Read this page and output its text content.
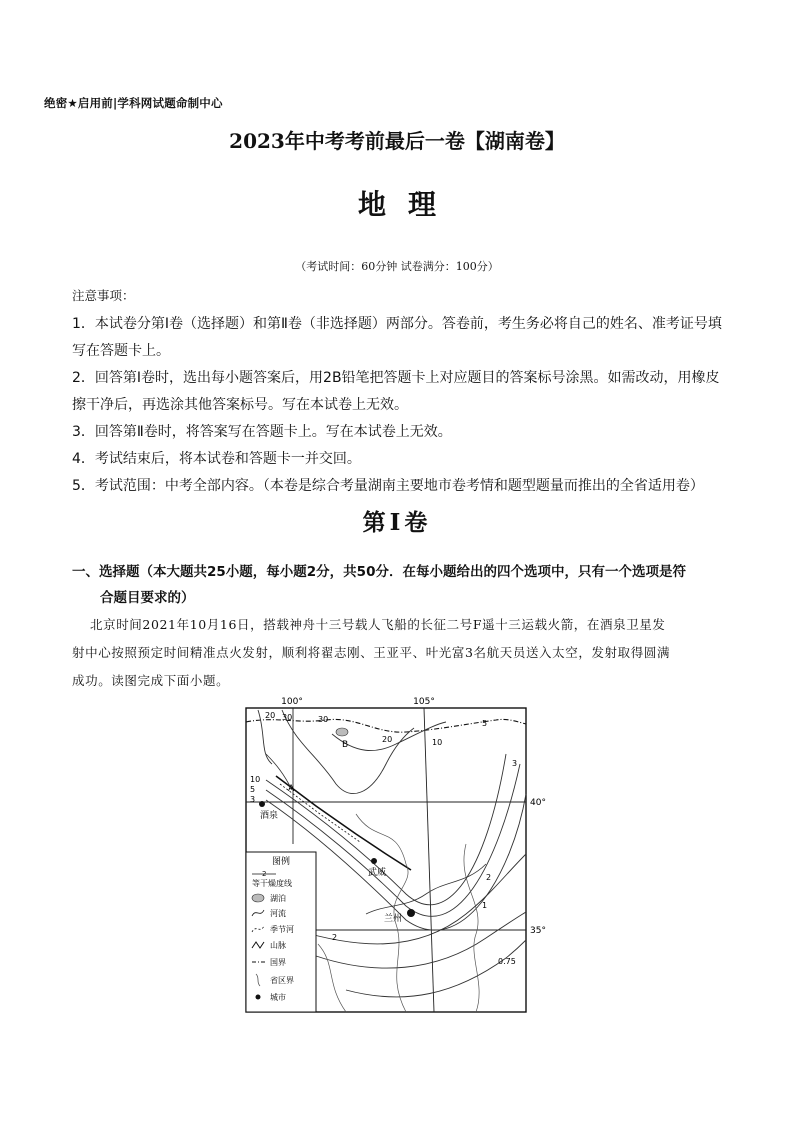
绝密★启用前|学科网试题命制中心
2023年中考考前最后一卷【湖南卷】
地理
（考试时间：60分钟 试卷满分：100分）
注意事项：

1．本试卷分第Ⅰ卷（选择题）和第Ⅱ卷（非选择题）两部分。答卷前，考生务必将自己的姓名、准考证号填写在答题卡上。

2．回答第Ⅰ卷时，选出每小题答案后，用2B铅笔把答题卡上对应题目的答案标号涂黑。如需改动，用橡皮擦干净后，再选涂其他答案标号。写在本试卷上无效。

3．回答第Ⅱ卷时，将答案写在答题卡上。写在本试卷上无效。

4．考试结束后，将本试卷和答题卡一并交回。

5．考试范围：中考全部内容。（本卷是综合考量湖南主要地市卷考情和题型题量而推出的全省适用卷）

第Ⅰ卷
一、选择题（本大题共25小题，每小题2分，共50分．在每小题给出的四个选项中，只有一个选项是符
合题目要求的）
北京时间2021年10月16日，搭载神舟十三号载人飞船的长征二号F遥十三运载火箭，在酒泉卫星发
射中心按照预定时间精准点火发射，顺利将翟志刚、王亚平、叶光富3名航天员送入太空，发射取得圆满
成功。读图完成下面小题。
100°	105°
40°
35°
20 30	30
20	10
5
3
10
5
3
2
1
2
0.75
B
A
酒泉
武威
兰州
图例
2
等干燥度线
湖泊
河流
季节河
山脉
国界
省区界
城市
